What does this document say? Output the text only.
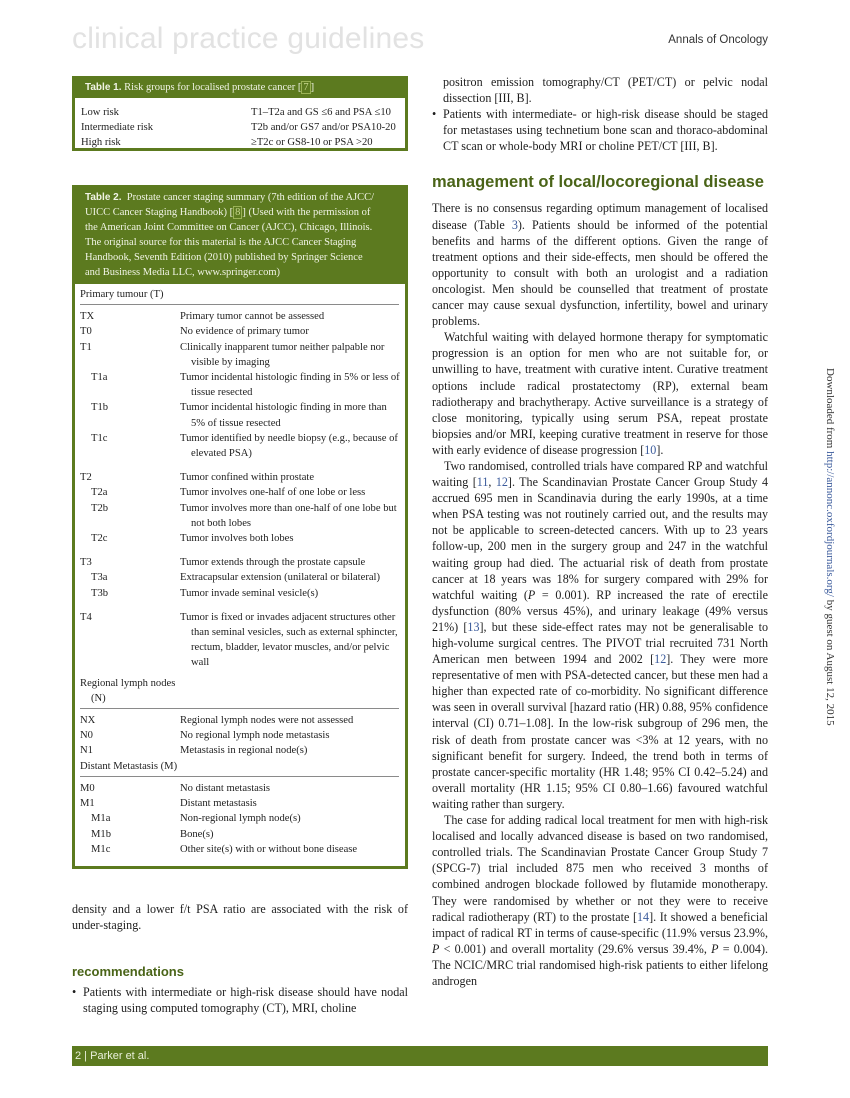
clinical practice guidelines	Annals of Oncology
Table 1. Risk groups for localised prostate cancer [ 7 ]
Low risk	T1–T2a and GS ≤6 and PSA ≤10
Intermediate risk	T2b and/or GS7 and/or PSA10-20
High risk	≥T2c or GS8-10 or PSA >20
Table 2. Prostate cancer staging summary (7th edition of the AJCC/
UICC Cancer Staging Handbook) [ 8 ] (Used with the permission of
the American Joint Committee on Cancer (AJCC), Chicago, Illinois.
The original source for this material is the AJCC Cancer Staging
Handbook, Seventh Edition (2010) published by Springer Science
and Business Media LLC, www.springer.com)
Primary tumour (T)
TX	Primary tumor cannot be assessed
T0	No evidence of primary tumor
T1	Clinically inapparent tumor neither palpable nor visible by imaging
T1a	Tumor incidental histologic finding in 5% or less of tissue resected
T1b	Tumor incidental histologic finding in more than 5% of tissue resected
T1c	Tumor identified by needle biopsy (e.g., because of elevated PSA)
T2	Tumor confined within prostate
T2a	Tumor involves one-half of one lobe or less
T2b	Tumor involves more than one-half of one lobe but not both lobes
T2c	Tumor involves both lobes
T3	Tumor extends through the prostate capsule
T3a	Extracapsular extension (unilateral or bilateral)
T3b	Tumor invade seminal vesicle(s)
T4	Tumor is fixed or invades adjacent structures other than seminal vesicles, such as external sphincter, rectum, bladder, levator muscles, and/or pelvic wall
Regional lymph nodes (N)
NX	Regional lymph nodes were not assessed
N0	No regional lymph node metastasis
N1	Metastasis in regional node(s)
Distant Metastasis (M)
M0	No distant metastasis
M1	Distant metastasis
M1a	Non-regional lymph node(s)
M1b	Bone(s)
M1c	Other site(s) with or without bone disease
density and a lower f/t PSA ratio are associated with the risk of under-staging.
recommendations
• Patients with intermediate or high-risk disease should have nodal staging using computed tomography (CT), MRI, choline
positron emission tomography/CT (PET/CT) or pelvic nodal dissection [III, B].
• Patients with intermediate- or high-risk disease should be staged for metastases using technetium bone scan and thoraco-abdominal CT scan or whole-body MRI or choline PET/CT [III, B].
management of local/locoregional disease
There is no consensus regarding optimum management of localised disease (Table 3). Patients should be informed of the potential benefits and harms of the different options. Given the range of treatment options and their side-effects, men should be offered the opportunity to consult with both an urologist and a radiation oncologist. Men should be counselled that treatment of prostate cancer may cause sexual dysfunction, infertility, bowel and urinary problems.
Watchful waiting with delayed hormone therapy for symptomatic progression is an option for men who are not suitable for, or unwilling to have, treatment with curative intent. Curative treatment options include radical prostatectomy (RP), external beam radiotherapy and brachytherapy. Active surveillance is a strategy of close monitoring, typically using serum PSA, repeat prostate biopsies and/or MRI, keeping curative treatment in reserve for those with early evidence of disease progression [10].
Two randomised, controlled trials have compared RP and watchful waiting [11, 12]. The Scandinavian Prostate Cancer Group Study 4 accrued 695 men in Scandinavia during the early 1990s, at a time when PSA testing was not routinely carried out, and the results may not be applicable to screen-detected cancers. With up to 23 years follow-up, 200 men in the surgery group and 247 in the watchful waiting group had died. The actuarial risk of death from prostate cancer at 18 years was 18% for surgery compared with 29% for watchful waiting (P = 0.001). RP increased the rate of erectile dysfunction (80% versus 45%), and urinary leakage (49% versus 21%) [13], but these side-effect rates may not be generalisable to high-volume surgical centres. The PIVOT trial recruited 731 North American men between 1994 and 2002 [12]. They were more representative of men with PSA-detected cancer, but these men had a higher than expected rate of co-morbidity. No significant difference was seen in overall survival [hazard ratio (HR) 0.88, 95% confidence interval (CI) 0.71–1.08]. In the low-risk subgroup of 296 men, the risk of death from prostate cancer was <3% at 12 years, with no significant benefit for surgery. Indeed, the trend both in terms of prostate cancer-specific mortality (HR 1.48; 95% CI 0.42–5.24) and overall mortality (HR 1.15; 95% CI 0.80–1.66) favoured watchful waiting rather than surgery.
The case for adding radical local treatment for men with high-risk localised and locally advanced disease is based on two randomised, controlled trials. The Scandinavian Prostate Cancer Group Study 7 (SPCG-7) trial included 875 men who received 3 months of combined androgen blockade followed by flutamide monotherapy. They were randomised by whether or not they were to receive radical radiotherapy (RT) to the prostate [14]. It showed a beneficial impact of radical RT in terms of cause-specific (11.9% versus 23.9%, P < 0.001) and overall mortality (29.6% versus 39.4%, P = 0.004). The NCIC/MRC trial randomised high-risk patients to either lifelong androgen
2 | Parker et al.
Downloaded from http://annonc.oxfordjournals.org/ by guest on August 12, 2015
